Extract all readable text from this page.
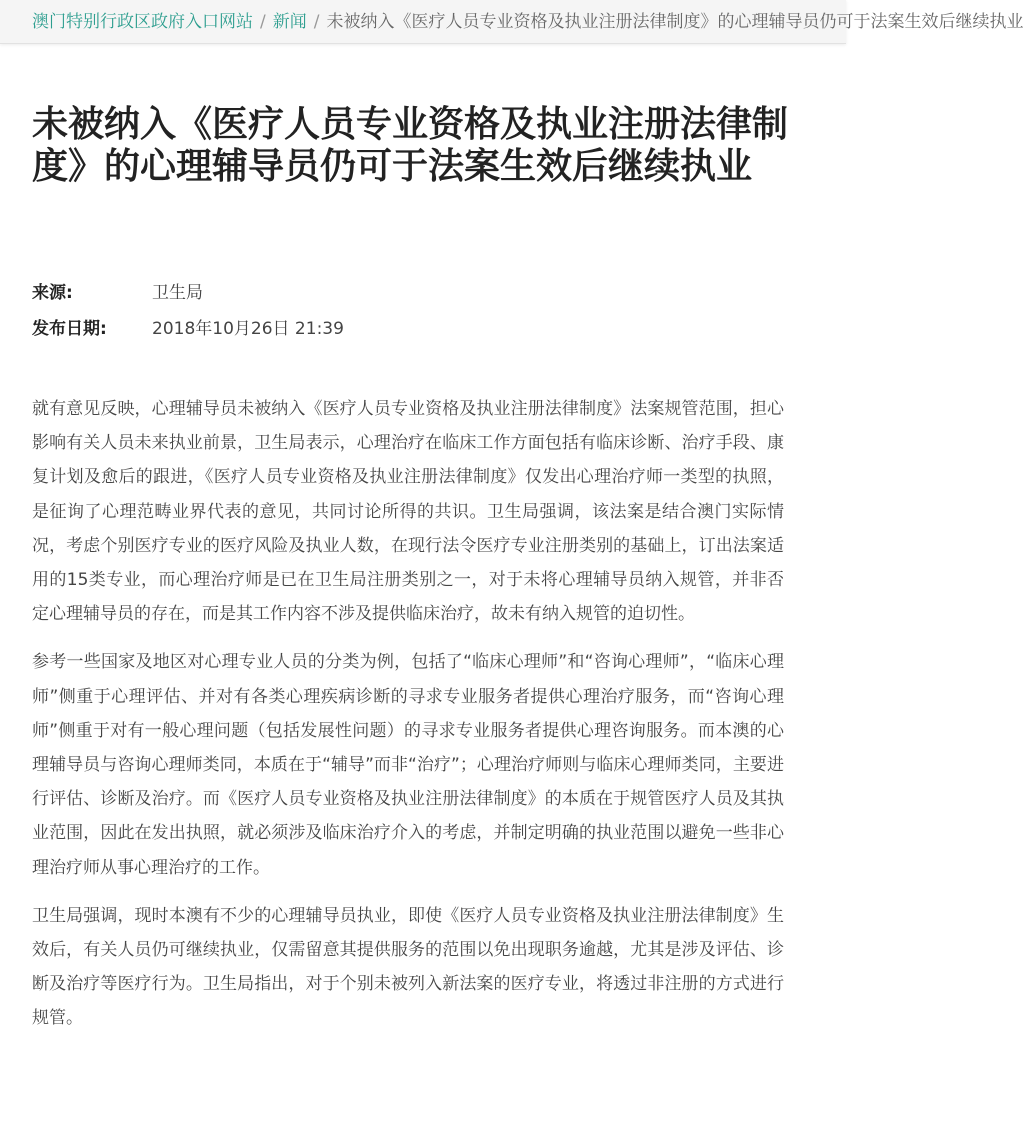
澳门特别行政区政府入口网站 / 新闻 / 未被纳入《医疗人员专业资格及执业注册法律制度》的心理辅导员仍可于法案生效后继续执业
未被纳入《医疗人员专业资格及执业注册法律制度》的心理辅导员仍可于法案生效后继续执业
来源:	卫生局
发布日期:	2018年10月26日 21:39

就有意见反映，心理辅导员未被纳入《医疗人员专业资格及执业注册法律制度》法案规管范围，担心影响有关人员未来执业前景，卫生局表示，心理治疗在临床工作方面包括有临床诊断、治疗手段、康复计划及愈后的跟进，《医疗人员专业资格及执业注册法律制度》仅发出心理治疗师一类型的执照，是征询了心理范畴业界代表的意见，共同讨论所得的共识。卫生局强调，该法案是结合澳门实际情况，考虑个别医疗专业的医疗风险及执业人数，在现行法令医疗专业注册类别的基础上，订出法案适用的15类专业，而心理治疗师是已在卫生局注册类别之一，对于未将心理辅导员纳入规管，并非否定心理辅导员的存在，而是其工作内容不涉及提供临床治疗，故未有纳入规管的迫切性。

参考一些国家及地区对心理专业人员的分类为例，包括了“临床心理师”和“咨询心理师”，“临床心理师”侧重于心理评估、并对有各类心理疾病诊断的寻求专业服务者提供心理治疗服务，而“咨询心理师”侧重于对有一般心理问题（包括发展性问题）的寻求专业服务者提供心理咨询服务。而本澳的心理辅导员与咨询心理师类同，本质在于“辅导”而非“治疗”；心理治疗师则与临床心理师类同，主要进行评估、诊断及治疗。而《医疗人员专业资格及执业注册法律制度》的本质在于规管医疗人员及其执业范围，因此在发出执照，就必须涉及临床治疗介入的考虑，并制定明确的执业范围以避免一些非心理治疗师从事心理治疗的工作。

卫生局强调，现时本澳有不少的心理辅导员执业，即使《医疗人员专业资格及执业注册法律制度》生效后，有关人员仍可继续执业，仅需留意其提供服务的范围以免出现职务逾越，尤其是涉及评估、诊断及治疗等医疗行为。卫生局指出，对于个别未被列入新法案的医疗专业，将透过非注册的方式进行规管。
